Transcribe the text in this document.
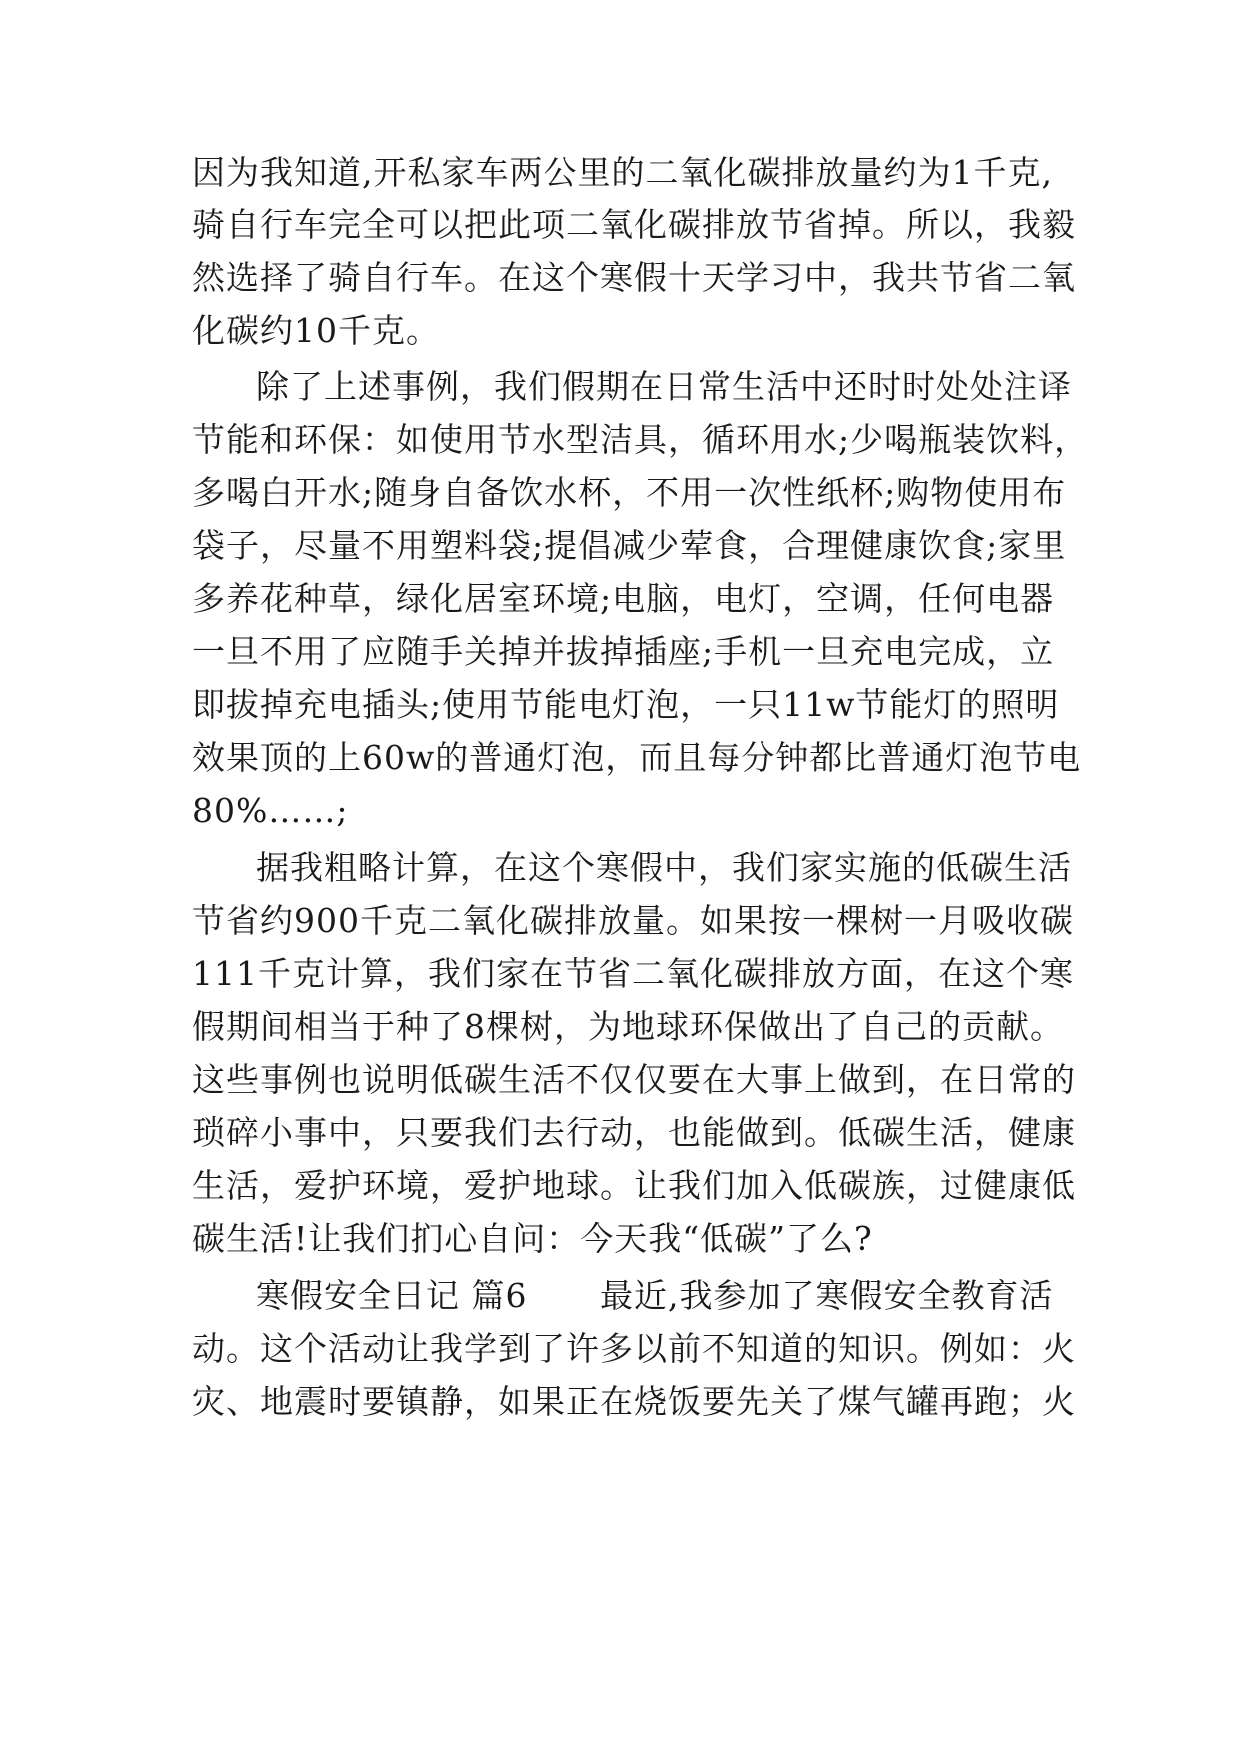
因为我知道,开私家车两公里的二氧化碳排放量约为1千克,
骑自行车完全可以把此项二氧化碳排放节省掉。所以，我毅
然选择了骑自行车。在这个寒假十天学习中，我共节省二氧
化碳约10千克。
除了上述事例，我们假期在日常生活中还时时处处注译
节能和环保：如使用节水型洁具，循环用水;少喝瓶装饮料，
多喝白开水;随身自备饮水杯，不用一次性纸杯;购物使用布
袋子，尽量不用塑料袋;提倡减少荤食，合理健康饮食;家里
多养花种草，绿化居室环境;电脑，电灯，空调，任何电器
一旦不用了应随手关掉并拔掉插座;手机一旦充电完成，立
即拔掉充电插头;使用节能电灯泡，一只11w节能灯的照明
效果顶的上60w的普通灯泡，而且每分钟都比普通灯泡节电
80%……;
据我粗略计算，在这个寒假中，我们家实施的低碳生活
节省约900千克二氧化碳排放量。如果按一棵树一月吸收碳
111千克计算，我们家在节省二氧化碳排放方面，在这个寒
假期间相当于种了8棵树，为地球环保做出了自己的贡献。
这些事例也说明低碳生活不仅仅要在大事上做到，在日常的
琐碎小事中，只要我们去行动，也能做到。低碳生活，健康
生活，爱护环境，爱护地球。让我们加入低碳族，过健康低
碳生活!让我们扪心自问：今天我“低碳”了么?
寒假安全日记 篇6 最近,我参加了寒假安全教育活
动。这个活动让我学到了许多以前不知道的知识。例如：火
灾、地震时要镇静，如果正在烧饭要先关了煤气罐再跑；火
